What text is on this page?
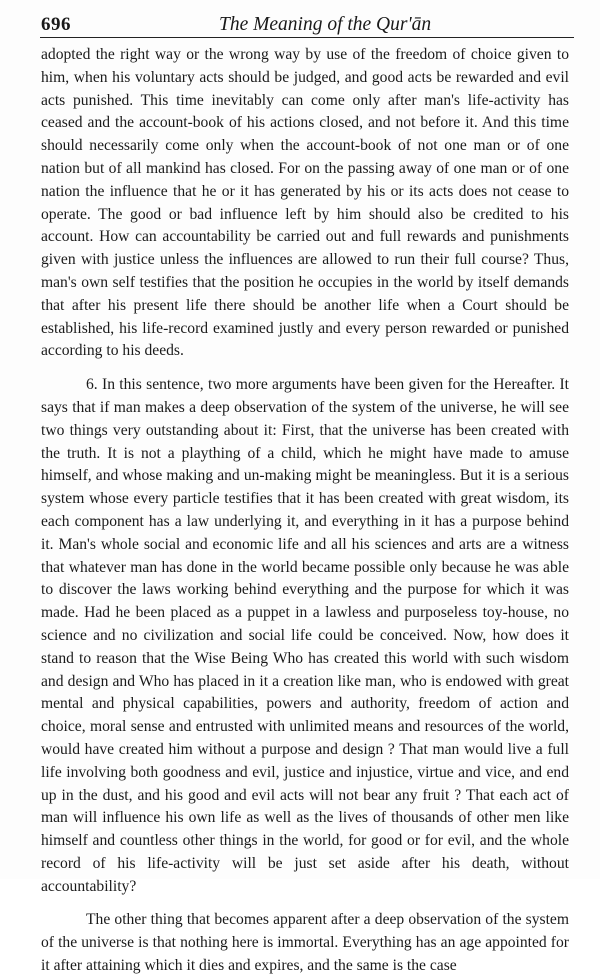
696	The Meaning of the Qur'ān

adopted the right way or the wrong way by use of the freedom of choice given to him, when his voluntary acts should be judged, and good acts be rewarded and evil acts punished. This time inevitably can come only after man's life-activity has ceased and the account-book of his actions closed, and not before it. And this time should necessarily come only when the account-book of not one man or of one nation but of all mankind has closed. For on the passing away of one man or of one nation the influence that he or it has generated by his or its acts does not cease to operate. The good or bad influence left by him should also be credited to his account. How can accountability be carried out and full rewards and punishments given with justice unless the influences are allowed to run their full course? Thus, man's own self testifies that the position he occupies in the world by itself demands that after his present life there should be another life when a Court should be established, his life-record examined justly and every person rewarded or punished according to his deeds.

6. In this sentence, two more arguments have been given for the Hereafter. It says that if man makes a deep observation of the system of the universe, he will see two things very outstanding about it: First, that the universe has been created with the truth. It is not a plaything of a child, which he might have made to amuse himself, and whose making and un-making might be meaningless. But it is a serious system whose every particle testifies that it has been created with great wisdom, its each component has a law underlying it, and everything in it has a purpose behind it. Man's whole social and economic life and all his sciences and arts are a witness that whatever man has done in the world became possible only because he was able to discover the laws working behind everything and the purpose for which it was made. Had he been placed as a puppet in a lawless and purposeless toy-house, no science and no civilization and social life could be conceived. Now, how does it stand to reason that the Wise Being Who has created this world with such wisdom and design and Who has placed in it a creation like man, who is endowed with great mental and physical capabilities, powers and authority, freedom of action and choice, moral sense and entrusted with unlimited means and resources of the world, would have created him without a purpose and design ? That man would live a full life involving both goodness and evil, justice and injustice, virtue and vice, and end up in the dust, and his good and evil acts will not bear any fruit ? That each act of man will influence his own life as well as the lives of thousands of other men like himself and countless other things in the world, for good or for evil, and the whole record of his life-activity will be just set aside after his death, without accountability?

The other thing that becomes apparent after a deep observation of the system of the universe is that nothing here is immortal. Everything has an age appointed for it after attaining which it dies and expires, and the same is the case
